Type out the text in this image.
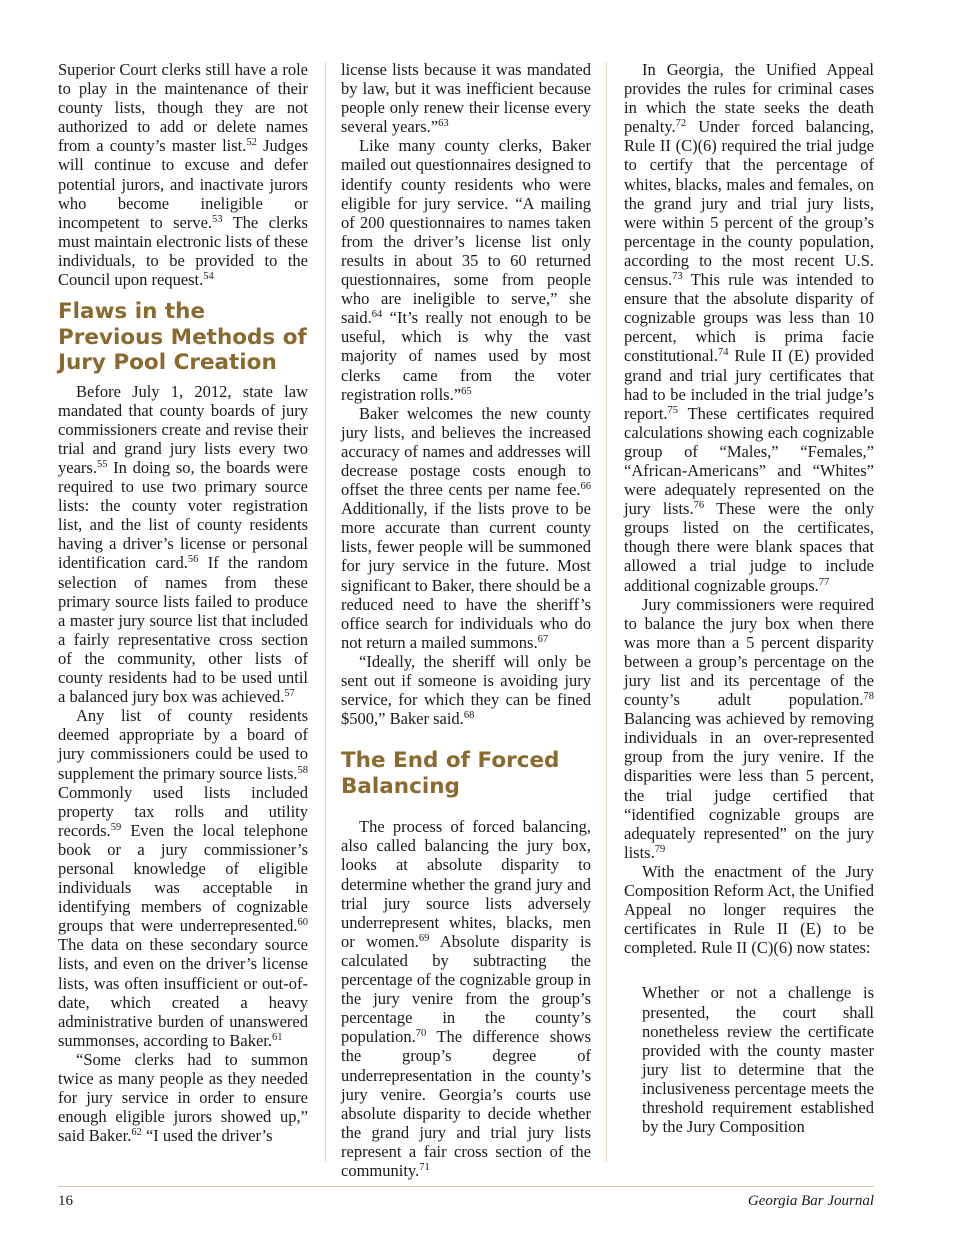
Superior Court clerks still have a role to play in the maintenance of their county lists, though they are not authorized to add or delete names from a county’s master list.$^{52}$ Judges will continue to excuse and defer potential jurors, and inactivate jurors who become ineligible or incompetent to serve.$^{53}$ The clerks must maintain electronic lists of these individuals, to be provided to the Council upon request.$^{54}$

Flaws in the Previous Methods of Jury Pool Creation

Before July 1, 2012, state law mandated that county boards of jury commissioners create and revise their trial and grand jury lists every two years.$^{55}$ In doing so, the boards were required to use two primary source lists: the county voter registration list, and the list of county residents having a driver’s license or personal identification card.$^{56}$ If the random selection of names from these primary source lists failed to produce a master jury source list that included a fairly representative cross section of the community, other lists of county residents had to be used until a balanced jury box was achieved.$^{57}$

Any list of county residents deemed appropriate by a board of jury commissioners could be used to supplement the primary source lists.$^{58}$ Commonly used lists included property tax rolls and utility records.$^{59}$ Even the local telephone book or a jury commissioner’s personal knowledge of eligible individuals was acceptable in identifying members of cognizable groups that were underrepresented.$^{60}$ The data on these secondary source lists, and even on the driver’s license lists, was often insufficient or out-of-date, which created a heavy administrative burden of unanswered summonses, according to Baker.$^{61}$

“Some clerks had to summon twice as many people as they needed for jury service in order to ensure enough eligible jurors showed up,” said Baker.$^{62}$ “I used the driver’s

license lists because it was mandated by law, but it was inefficient because people only renew their license every several years.”$^{63}$

Like many county clerks, Baker mailed out questionnaires designed to identify county residents who were eligible for jury service. “A mailing of 200 questionnaires to names taken from the driver’s license list only results in about 35 to 60 returned questionnaires, some from people who are ineligible to serve,” she said.$^{64}$ “It’s really not enough to be useful, which is why the vast majority of names used by most clerks came from the voter registration rolls.”$^{65}$

Baker welcomes the new county jury lists, and believes the increased accuracy of names and addresses will decrease postage costs enough to offset the three cents per name fee.$^{66}$ Additionally, if the lists prove to be more accurate than current county lists, fewer people will be summoned for jury service in the future. Most significant to Baker, there should be a reduced need to have the sheriff’s office search for individuals who do not return a mailed summons.$^{67}$

“Ideally, the sheriff will only be sent out if someone is avoiding jury service, for which they can be fined $500,” Baker said.$^{68}$

The End of Forced Balancing

The process of forced balancing, also called balancing the jury box, looks at absolute disparity to determine whether the grand jury and trial jury source lists adversely underrepresent whites, blacks, men or women.$^{69}$ Absolute disparity is calculated by subtracting the percentage of the cognizable group in the jury venire from the group’s percentage in the county’s population.$^{70}$ The difference shows the group’s degree of underrepresentation in the county’s jury venire. Georgia’s courts use absolute disparity to decide whether the grand jury and trial jury lists represent a fair cross section of the community.$^{71}$

In Georgia, the Unified Appeal provides the rules for criminal cases in which the state seeks the death penalty.$^{72}$ Under forced balancing, Rule II (C)(6) required the trial judge to certify that the percentage of whites, blacks, males and females, on the grand jury and trial jury lists, were within 5 percent of the group’s percentage in the county population, according to the most recent U.S. census.$^{73}$ This rule was intended to ensure that the absolute disparity of cognizable groups was less than 10 percent, which is prima facie constitutional.$^{74}$ Rule II (E) provided grand and trial jury certificates that had to be included in the trial judge’s report.$^{75}$ These certificates required calculations showing each cognizable group of “Males,” “Females,” “African-Americans” and “Whites” were adequately represented on the jury lists.$^{76}$ These were the only groups listed on the certificates, though there were blank spaces that allowed a trial judge to include additional cognizable groups.$^{77}$

Jury commissioners were required to balance the jury box when there was more than a 5 percent disparity between a group’s percentage on the jury list and its percentage of the county’s adult population.$^{78}$ Balancing was achieved by removing individuals in an over-represented group from the jury venire. If the disparities were less than 5 percent, the trial judge certified that “identified cognizable groups are adequately represented” on the jury lists.$^{79}$

With the enactment of the Jury Composition Reform Act, the Unified Appeal no longer requires the certificates in Rule II (E) to be completed. Rule II (C)(6) now states:

Whether or not a challenge is presented, the court shall nonetheless review the certificate provided with the county master jury list to determine that the inclusiveness percentage meets the threshold requirement established by the Jury Composition

16	Georgia Bar Journal
